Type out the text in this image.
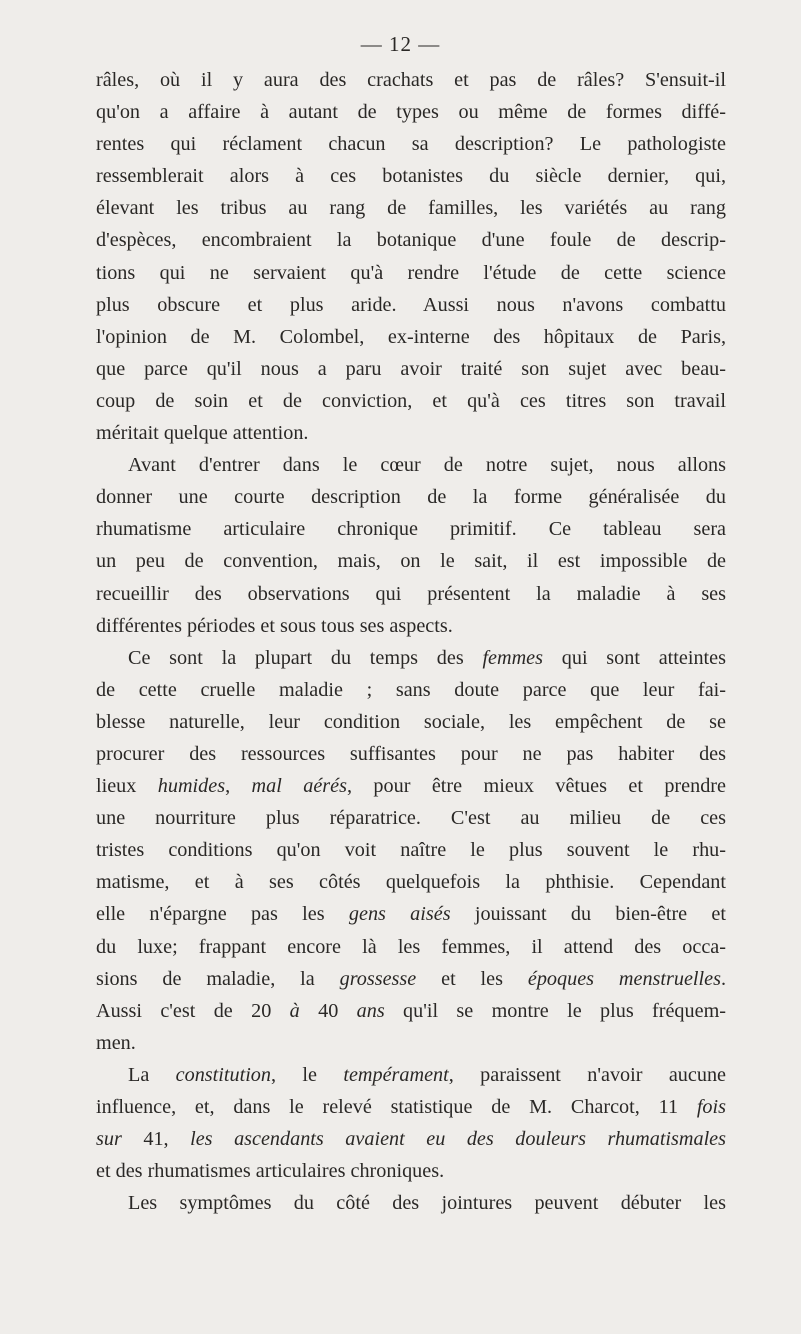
— 12 —
râles, où il y aura des crachats et pas de râles? S'ensuit-il
qu'on a affaire à autant de types ou même de formes diffé-
rentes qui réclament chacun sa description? Le pathologiste
ressemblerait alors à ces botanistes du siècle dernier, qui,
élevant les tribus au rang de familles, les variétés au rang
d'espèces, encombraient la botanique d'une foule de descrip-
tions qui ne servaient qu'à rendre l'étude de cette science
plus obscure et plus aride. Aussi nous n'avons combattu
l'opinion de M. Colombel, ex-interne des hôpitaux de Paris,
que parce qu'il nous a paru avoir traité son sujet avec beau-
coup de soin et de conviction, et qu'à ces titres son travail
méritait quelque attention.
Avant d'entrer dans le cœur de notre sujet, nous allons
donner une courte description de la forme généralisée du
rhumatisme articulaire chronique primitif. Ce tableau sera
un peu de convention, mais, on le sait, il est impossible de
recueillir des observations qui présentent la maladie à ses
différentes périodes et sous tous ses aspects.
Ce sont la plupart du temps des femmes qui sont atteintes
de cette cruelle maladie ; sans doute parce que leur fai-
blesse naturelle, leur condition sociale, les empêchent de se
procurer des ressources suffisantes pour ne pas habiter des
lieux humides, mal aérés, pour être mieux vêtues et prendre
une nourriture plus réparatrice. C'est au milieu de ces
tristes conditions qu'on voit naître le plus souvent le rhu-
matisme, et à ses côtés quelquefois la phthisie. Cependant
elle n'épargne pas les gens aisés jouissant du bien-être et
du luxe; frappant encore là les femmes, il attend des occa-
sions de maladie, la grossesse et les époques menstruelles.
Aussi c'est de 20 à 40 ans qu'il se montre le plus fréquem-
men.
La constitution, le tempérament, paraissent n'avoir aucune
influence, et, dans le relevé statistique de M. Charcot, 11 fois
sur 41, les ascendants avaient eu des douleurs rhumatismales
et des rhumatismes articulaires chroniques.
Les symptômes du côté des jointures peuvent débuter les
